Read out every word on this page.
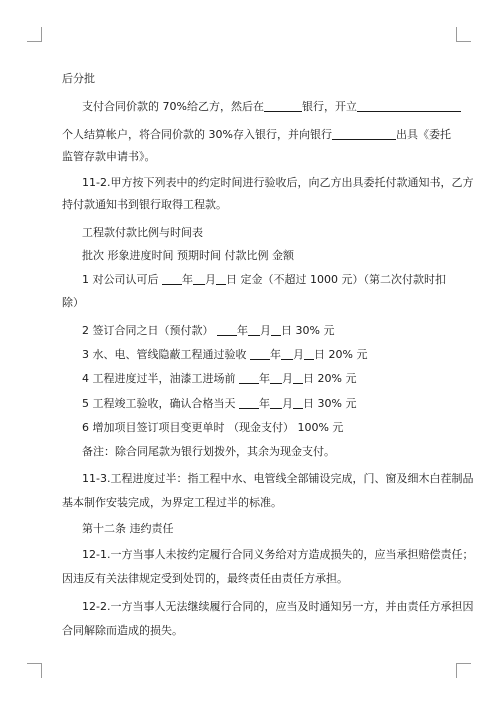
后分批
支付合同价款的 70%给乙方，然后在	银行，开立
个人结算帐户，将合同价款的 30%存入银行，并向银行	出具《委托
监管存款申请书》。
11-2.甲方按下列表中的约定时间进行验收后，向乙方出具委托付款通知书，乙方
持付款通知书到银行取得工程款。
工程款付款比例与时间表
批次 形象进度时间 预期时间 付款比例 金额
1 对公司认可后 年 月 日 定金（不超过 1000 元）（第二次付款时扣
除）
2 签订合同之日（预付款） 年 月 日 30% 元
3 水、电、管线隐蔽工程通过验收 年 月 日 20% 元
4 工程进度过半，油漆工进场前 年 月 日 20% 元
5 工程竣工验收，确认合格当天 年 月 日 30% 元
6 增加项目签订项目变更单时 （现金支付） 100% 元
备注：除合同尾款为银行划拨外，其余为现金支付。
11-3.工程进度过半：指工程中水、电管线全部铺设完成，门、窗及细木白茬制品
基本制作安装完成，为界定工程过半的标准。
第十二条 违约责任
12-1.一方当事人未按约定履行合同义务给对方造成损失的，应当承担赔偿责任；
因违反有关法律规定受到处罚的，最终责任由责任方承担。
12-2.一方当事人无法继续履行合同的，应当及时通知另一方，并由责任方承担因
合同解除而造成的损失。
